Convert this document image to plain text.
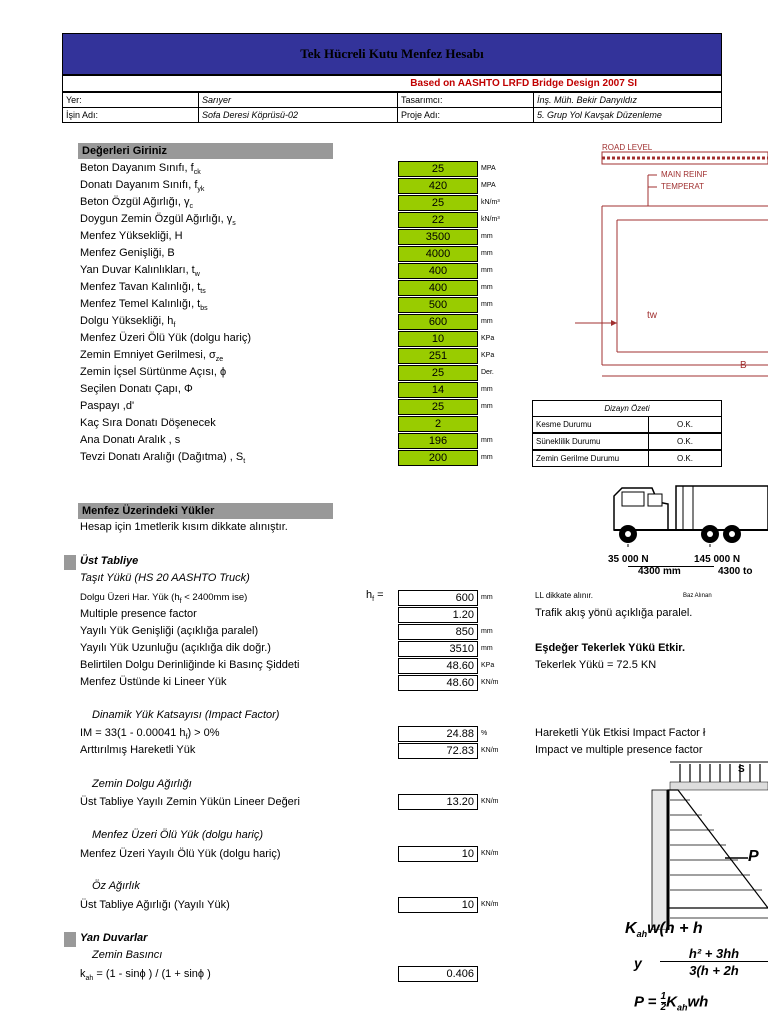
Tek Hücreli Kutu Menfez Hesabı
Based on AASHTO LRFD Bridge Design 2007 SI
Yer:	Sarıyer	Tasarımcı:	İnş. Müh. Bekir Danyıldız
İşin Adı:	Sofa Deresi Köprüsü-02	Proje Adı:	5. Grup Yol Kavşak Düzenleme
Değerleri Giriniz
Beton Dayanım Sınıfı, $f_{ck}$	25	MPA
Donatı Dayanım Sınıfı, $f_{yk}$	420	MPA
Beton Özgül Ağırlığı, $\gamma_c$	25	kN/m³
Doygun Zemin Özgül Ağırlığı, $\gamma_s$	22	kN/m³
Menfez Yüksekliği, H	3500	mm
Menfez Genişliği, B	4000	mm
Yan Duvar Kalınlıkları, $t_w$	400	mm
Menfez Tavan Kalınlığı, $t_{ts}$	400	mm
Menfez Temel Kalınlığı, $t_{bs}$	500	mm
Dolgu Yüksekliği, $h_f$	600	mm
Menfez Üzeri Ölü Yük (dolgu hariç)	10	KPa
Zemin Emniyet Gerilmesi, $\sigma_{ze}$	251	KPa
Zemin İçsel Sürtünme Açısı, ϕ	25	Der.
Seçilen Donatı Çapı, Φ	14	mm
Paspayı ,d'	25	mm
Kaç Sıra Donatı Döşenecek	2
Ana Donatı Aralık , s	196	mm
Tevzi Donatı Aralığı (Dağıtma) , $S_t$	200	mm
Dizayn Özeti
Kesme Durumu	O.K.
Süneklilik Durumu	O.K.
Zemin Gerilme Durumu	O.K.
ROAD LEVEL
MAIN REINF
TEMPERAT
tw
B
Menfez Üzerindeki Yükler
Hesap için 1metlerik kısım dikkate alınıştır.
35 000 N	145 000 N
4300 mm	4300 to
Üst Tabliye
Taşıt Yükü (HS 20 AASHTO Truck)
$h_f$ =
Dolgu Üzeri Har. Yük ($h_f < 2400mm$ ise)	600	mm
Multiple presence factor	1.20
Yayılı Yük Genişliği (açıklığa paralel)	850	mm
Yayılı Yük Uzunluğu (açıklığa dik doğr.)	3510	mm
Belirtilen Dolgu Derinliğinde ki Basınç Şiddeti	48.60	KPa
Menfez Üstünde ki Lineer Yük	48.60	KN/m
LL dikkate alınır.	Baz Alınan
Trafik akış yönü açıklığa paralel.
Eşdeğer Tekerlek Yükü Etkir.
Tekerlek Yükü = 72.5 KN
Dinamik Yük Katsayısı (Impact Factor)
IM = 33(1 - 0.00041 $h_f) > 0\%$	24.88	%
Arttırılmış Hareketli Yük	72.83	KN/m
Hareketli Yük Etkisi Impact Factor ł
Impact ve multiple presence factor
Zemin Dolgu Ağırlığı
Üst Tabliye Yayılı Zemin Yükün Lineer Değeri	13.20	KN/m
Menfez Üzeri Ölü Yük (dolgu hariç)
Menfez Üzeri Yayılı Ölü Yük (dolgu hariç)	10	KN/m
Öz Ağırlık
Üst Tabliye Ağırlığı (Yayılı Yük)	10	KN/m
Yan Duvarlar
Zemin Basıncı
$k_{ah} = (1 - \sin\phi$ ) / (1 + sinϕ )	0.406
S
P
$K_{ah}w(h + h$
y
h² + 3hh
3(h + 2h
$P = \frac{1}{2} K_{ah}wh$
